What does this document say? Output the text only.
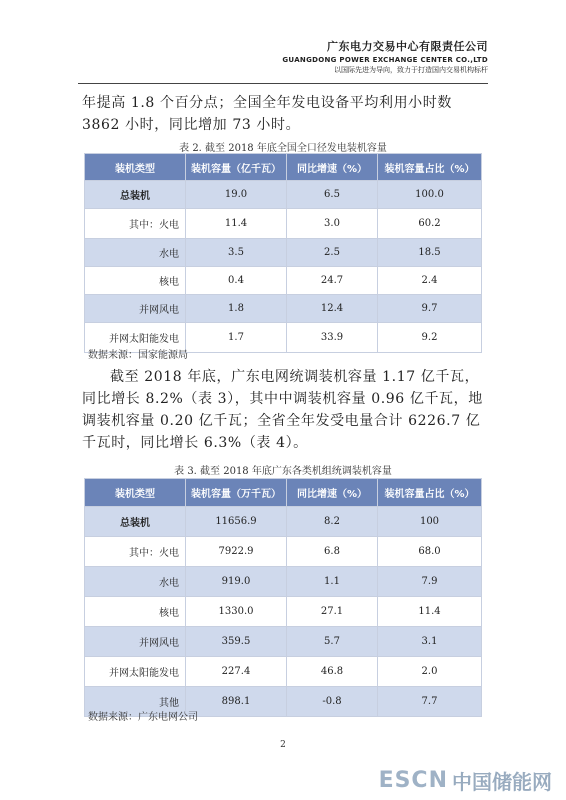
广东电力交易中心有限责任公司
GUANGDONG POWER EXCHANGE CENTER CO.,LTD
以国际先进为导向，致力于打造国内交易机构标杆
年提高 1.8 个百分点；全国全年发电设备平均利用小时数
3862 小时，同比增加 73 小时。
表 2. 截至 2018 年底全国全口径发电装机容量
装机类型	装机容量（亿千瓦）	同比增速（%）	装机容量占比（%）
总装机	19.0	6.5	100.0
其中：火电	11.4	3.0	60.2
水电	3.5	2.5	18.5
核电	0.4	24.7	2.4
并网风电	1.8	12.4	9.7
并网太阳能发电	1.7	33.9	9.2
数据来源：国家能源局
截至 2018 年底，广东电网统调装机容量 1.17 亿千瓦，
同比增长 8.2%（表 3），其中中调装机容量 0.96 亿千瓦，地
调装机容量 0.20 亿千瓦；全省全年发受电量合计 6226.7 亿
千瓦时，同比增长 6.3%（表 4）。
表 3. 截至 2018 年底广东各类机组统调装机容量
装机类型	装机容量（万千瓦）	同比增速（%）	装机容量占比（%）
总装机	11656.9	8.2	100
其中：火电	7922.9	6.8	68.0
水电	919.0	1.1	7.9
核电	1330.0	27.1	11.4
并网风电	359.5	5.7	3.1
并网太阳能发电	227.4	46.8	2.0
其他	898.1	-0.8	7.7
数据来源：广东电网公司
2
ESCN 中国储能网
